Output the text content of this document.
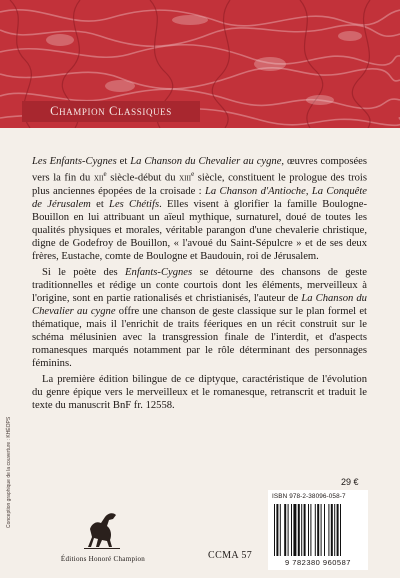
Champion Classiques

Les Enfants-Cygnes et La Chanson du Chevalier au cygne, œuvres composées vers la fin du xii$^e$ siècle-début du xiii$^e$ siècle, constituent le prologue des trois plus anciennes épopées de la croisade : La Chanson d'Antioche, La Conquête de Jérusalem et Les Chétifs. Elles visent à glorifier la famille Boulogne-Bouillon en lui attribuant un aïeul mythique, surnaturel, doué de toutes les qualités physiques et morales, véritable parangon d'une chevalerie christique, digne de Godefroy de Bouillon, « l'avoué du Saint-Sépulcre » et de ses deux frères, Eustache, comte de Boulogne et Baudouin, roi de Jérusalem.

Si le poète des Enfants-Cygnes se détourne des chansons de geste traditionnelles et rédige un conte courtois dont les éléments, merveilleux à l'origine, sont en partie rationalisés et christianisés, l'auteur de La Chanson du Chevalier au cygne offre une chanson de geste classique sur le plan formel et thématique, mais il l'enrichit de traits féeriques en un récit construit sur le schéma mélusinien avec la transgression finale de l'interdit, et d'aspects romanesques marqués notamment par le rôle déterminant des personnages féminins.

La première édition bilingue de ce diptyque, caractéristique de l'évolution du genre épique vers le merveilleux et le romanesque, retranscrit et traduit le texte du manuscrit BnF fr. 12558.

Conception graphique de la couverture : KHÉOPS
Éditions Honoré Champion	CCMA 57
29 €
ISBN 978-2-38096-058-7
9 782380 960587
